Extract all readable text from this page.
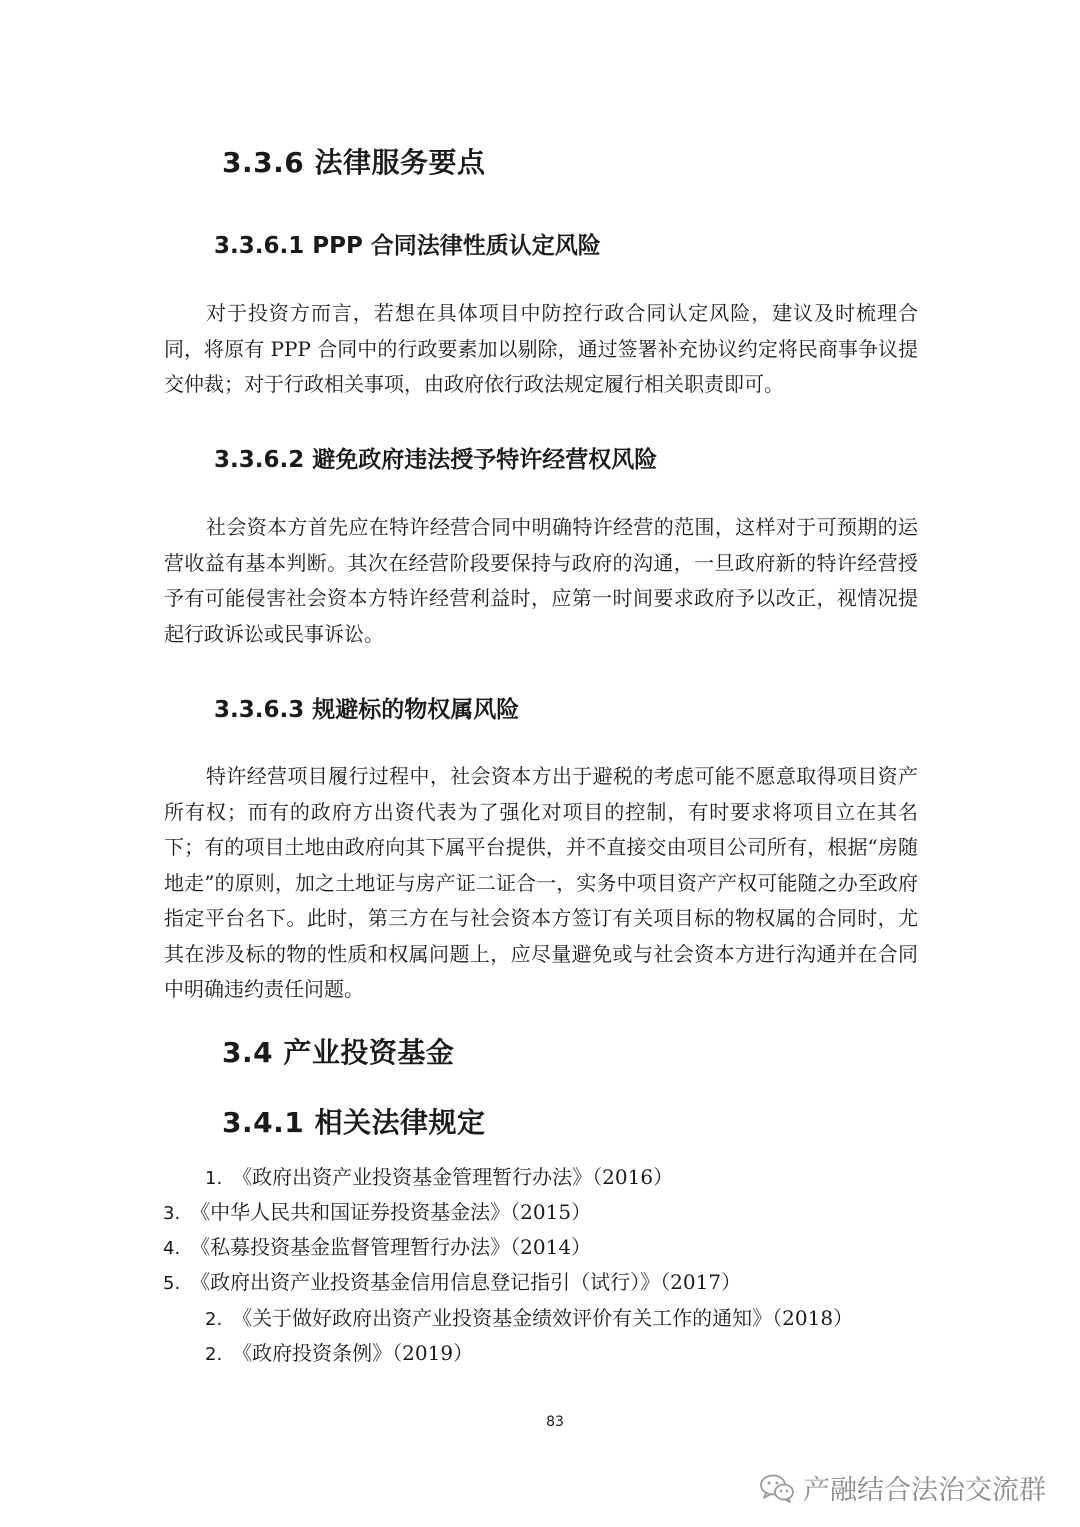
3.3.6 法律服务要点
3.3.6.1 PPP 合同法律性质认定风险

对于投资方而言，若想在具体项目中防控行政合同认定风险，建议及时梳理合同，将原有 PPP 合同中的行政要素加以剔除，通过签署补充协议约定将民商事争议提交仲裁；对于行政相关事项，由政府依行政法规定履行相关职责即可。

3.3.6.2 避免政府违法授予特许经营权风险

社会资本方首先应在特许经营合同中明确特许经营的范围，这样对于可预期的运营收益有基本判断。其次在经营阶段要保持与政府的沟通，一旦政府新的特许经营授予有可能侵害社会资本方特许经营利益时，应第一时间要求政府予以改正，视情况提起行政诉讼或民事诉讼。

3.3.6.3 规避标的物权属风险

特许经营项目履行过程中，社会资本方出于避税的考虑可能不愿意取得项目资产所有权；而有的政府方出资代表为了强化对项目的控制，有时要求将项目立在其名下；有的项目土地由政府向其下属平台提供，并不直接交由项目公司所有，根据“房随地走”的原则，加之土地证与房产证二证合一，实务中项目资产产权可能随之办至政府指定平台名下。此时，第三方在与社会资本方签订有关项目标的物权属的合同时，尤其在涉及标的物的性质和权属问题上，应尽量避免或与社会资本方进行沟通并在合同中明确违约责任问题。

3.4 产业投资基金
3.4.1 相关法律规定
1. 《政府出资产业投资基金管理暂行办法》（2016）
3. 《中华人民共和国证券投资基金法》（2015）
4. 《私募投资基金监督管理暂行办法》（2014）
5. 《政府出资产业投资基金信用信息登记指引（试行）》（2017）
2. 《关于做好政府出资产业投资基金绩效评价有关工作的通知》（2018）
2. 《政府投资条例》（2019）
83
产融结合法治交流群
